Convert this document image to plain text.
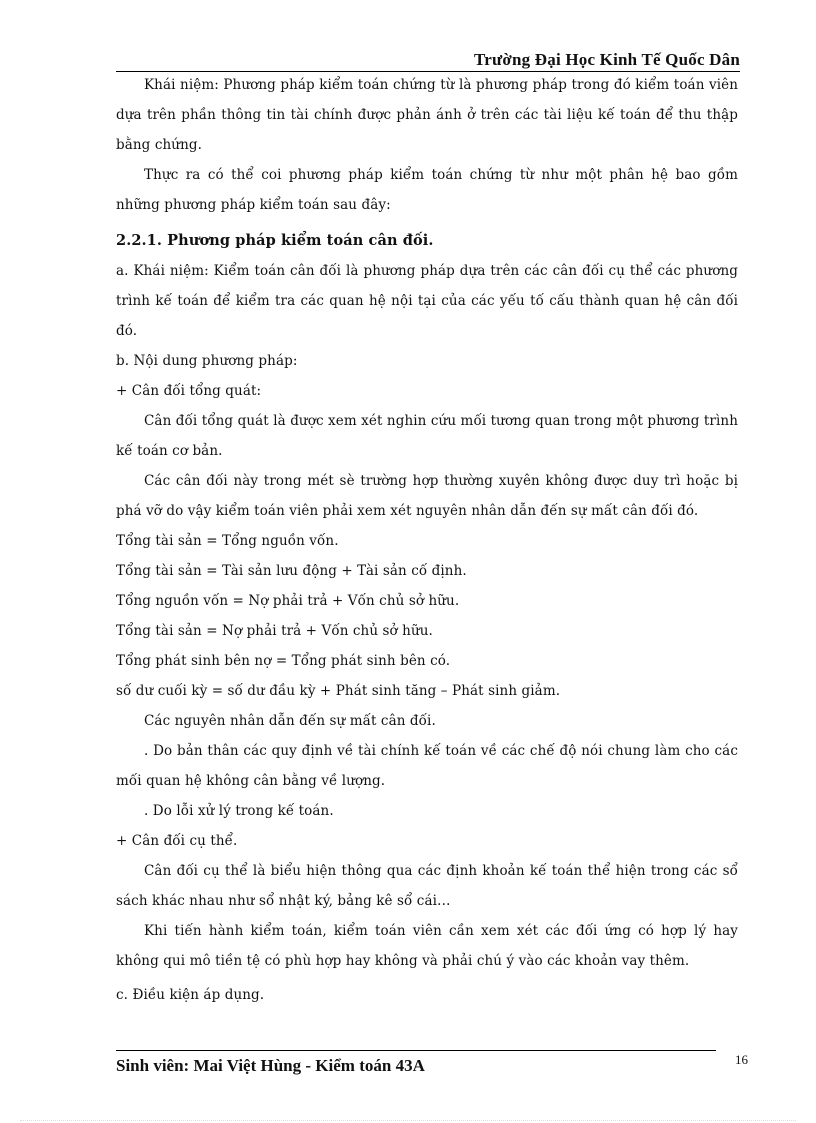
Trường Đại Học Kinh Tế Quốc Dân

Khái niệm: Phương pháp kiểm toán chứng từ là phương pháp trong đó kiểm toán viên dựa trên phần thông tin tài chính được phản ánh ở trên các tài liệu kế toán để thu thập bằng chứng.

Thực ra có thể coi phương pháp kiểm toán chứng từ như một phân hệ bao gồm những phương pháp kiểm toán sau đây:

2.2.1. Phương pháp kiểm toán cân đối.

a. Khái niệm: Kiểm toán cân đối là phương pháp dựa trên các cân đối cụ thể các phương trình kế toán để kiểm tra các quan hệ nội tại của các yếu tố cấu thành quan hệ cân đối đó.

b. Nội dung phương pháp:

+ Cân đối tổng quát:

Cân đối tổng quát là được xem xét nghin cứu mối tương quan trong một phương trình kế toán cơ bản.

Các cân đối này trong mét sè trường hợp thường xuyên không được duy trì hoặc bị phá vỡ do vậy kiểm toán viên phải xem xét nguyên nhân dẫn đến sự mất cân đối đó.

Tổng tài sản = Tổng nguồn vốn.

Tổng tài sản = Tài sản lưu động + Tài sản cố định.

Tổng nguồn vốn = Nợ phải trả + Vốn chủ sở hữu.

Tổng tài sản = Nợ phải trả + Vốn chủ sở hữu.

Tổng phát sinh bên nợ = Tổng phát sinh bên có.

số dư cuối kỳ = số dư đầu kỳ + Phát sinh tăng – Phát sinh giảm.

Các nguyên nhân dẫn đến sự mất cân đối.

. Do bản thân các quy định về tài chính kế toán về các chế độ nói chung làm cho các mối quan hệ không cân bằng về lượng.

. Do lỗi xử lý trong kế toán.

+ Cân đối cụ thể.

Cân đối cụ thể là biểu hiện thông qua các định khoản kế toán thể hiện trong các sổ sách khác nhau như sổ nhật ký, bảng kê sổ cái…

Khi tiến hành kiểm toán, kiểm toán viên cần xem xét các đối ứng có hợp lý hay không qui mô tiền tệ có phù hợp hay không và phải chú ý vào các khoản vay thêm.

c. Điều kiện áp dụng.

Sinh viên: Mai Việt Hùng - Kiểm toán 43A	16
